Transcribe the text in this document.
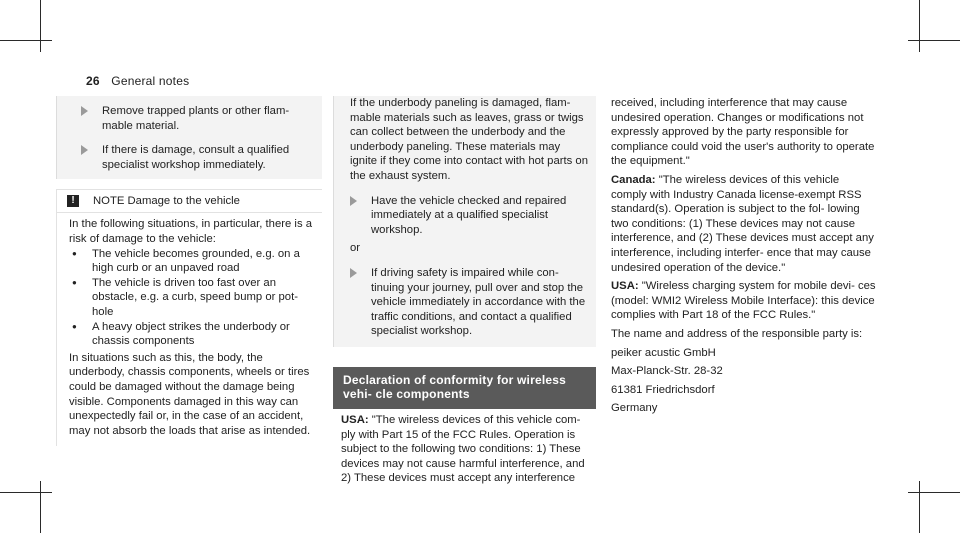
26 General notes
Remove trapped plants or other flam- mable material.
If there is damage, consult a qualified specialist workshop immediately.
!	NOTE Damage to the vehicle

In the following situations, in particular, there is a risk of damage to the vehicle:

●	The vehicle becomes grounded, e.g. on a high curb or an unpaved road
●	The vehicle is driven too fast over an obstacle, e.g. a curb, speed bump or pot- hole
●	A heavy object strikes the underbody or chassis components

In situations such as this, the body, the underbody, chassis components, wheels or tires could be damaged without the damage being visible. Components damaged in this way can unexpectedly fail or, in the case of an accident, may not absorb the loads that arise as intended.

If the underbody paneling is damaged, flam- mable materials such as leaves, grass or twigs can collect between the underbody and the underbody paneling. These materials may ignite if they come into contact with hot parts on the exhaust system.

Have the vehicle checked and repaired immediately at a qualified specialist workshop.

or

If driving safety is impaired while con- tinuing your journey, pull over and stop the vehicle immediately in accordance with the traffic conditions, and contact a qualified specialist workshop.
Declaration of conformity for wireless vehi- cle components

USA: "The wireless devices of this vehicle com- ply with Part 15 of the FCC Rules. Operation is subject to the following two conditions: 1) These devices may not cause harmful interference, and 2) These devices must accept any interference

received, including interference that may cause undesired operation. Changes or modifications not expressly approved by the party responsible for compliance could void the user's authority to operate the equipment."

Canada: "The wireless devices of this vehicle comply with Industry Canada license-exempt RSS standard(s). Operation is subject to the fol- lowing two conditions: (1) These devices may not cause interference, and (2) These devices must accept any interference, including interfer- ence that may cause undesired operation of the device."

USA: "Wireless charging system for mobile devi- ces (model: WMI2 Wireless Mobile Interface): this device complies with Part 18 of the FCC Rules."

The name and address of the responsible party is:

peiker acustic GmbH

Max-Planck-Str. 28-32

61381 Friedrichsdorf

Germany
